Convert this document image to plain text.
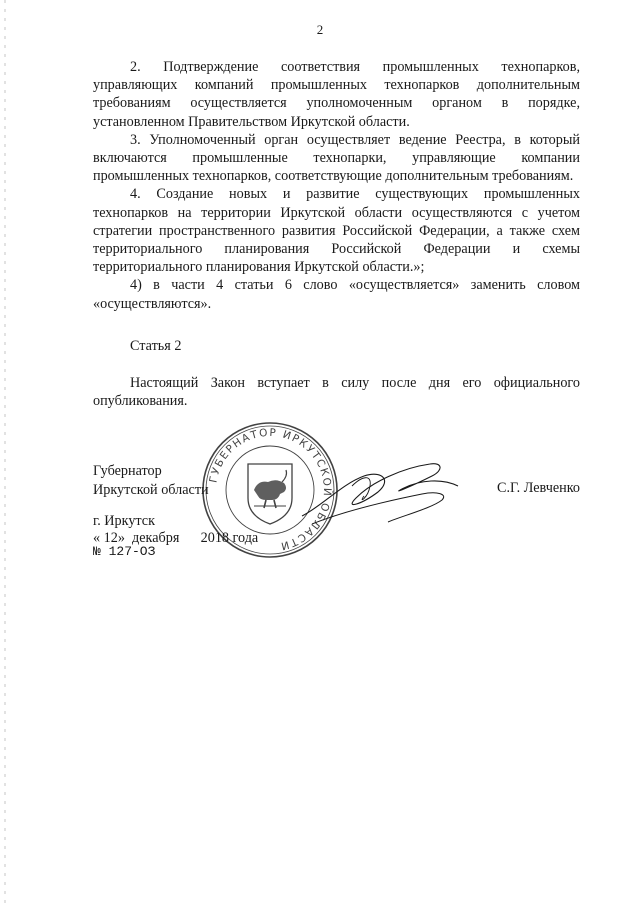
2

2. Подтверждение соответствия промышленных технопарков, управляющих компаний промышленных технопарков дополнительным требованиям осуществляется уполномоченным органом в порядке, установленном Правительством Иркутской области.

3. Уполномоченный орган осуществляет ведение Реестра, в который включаются промышленные технопарки, управляющие компании промышленных технопарков, соответствующие дополнительным требованиям.

4. Создание новых и развитие существующих промышленных технопарков на территории Иркутской области осуществляются с учетом стратегии пространственного развития Российской Федерации, а также схем территориального планирования Российской Федерации и схемы территориального планирования Иркутской области.»;

4) в части 4 статьи 6 слово «осуществляется» заменить словом «осуществляются».

Статья 2

Настоящий Закон вступает в силу после дня его официального опубликования.

Губернатор
Иркутской области	С.Г. Левченко
г. Иркутск
« 12»  декабря      2018 года
№ 127-ОЗ
ГУБЕРНАТОР ИРКУТСКОЙ ОБЛАСТИ
